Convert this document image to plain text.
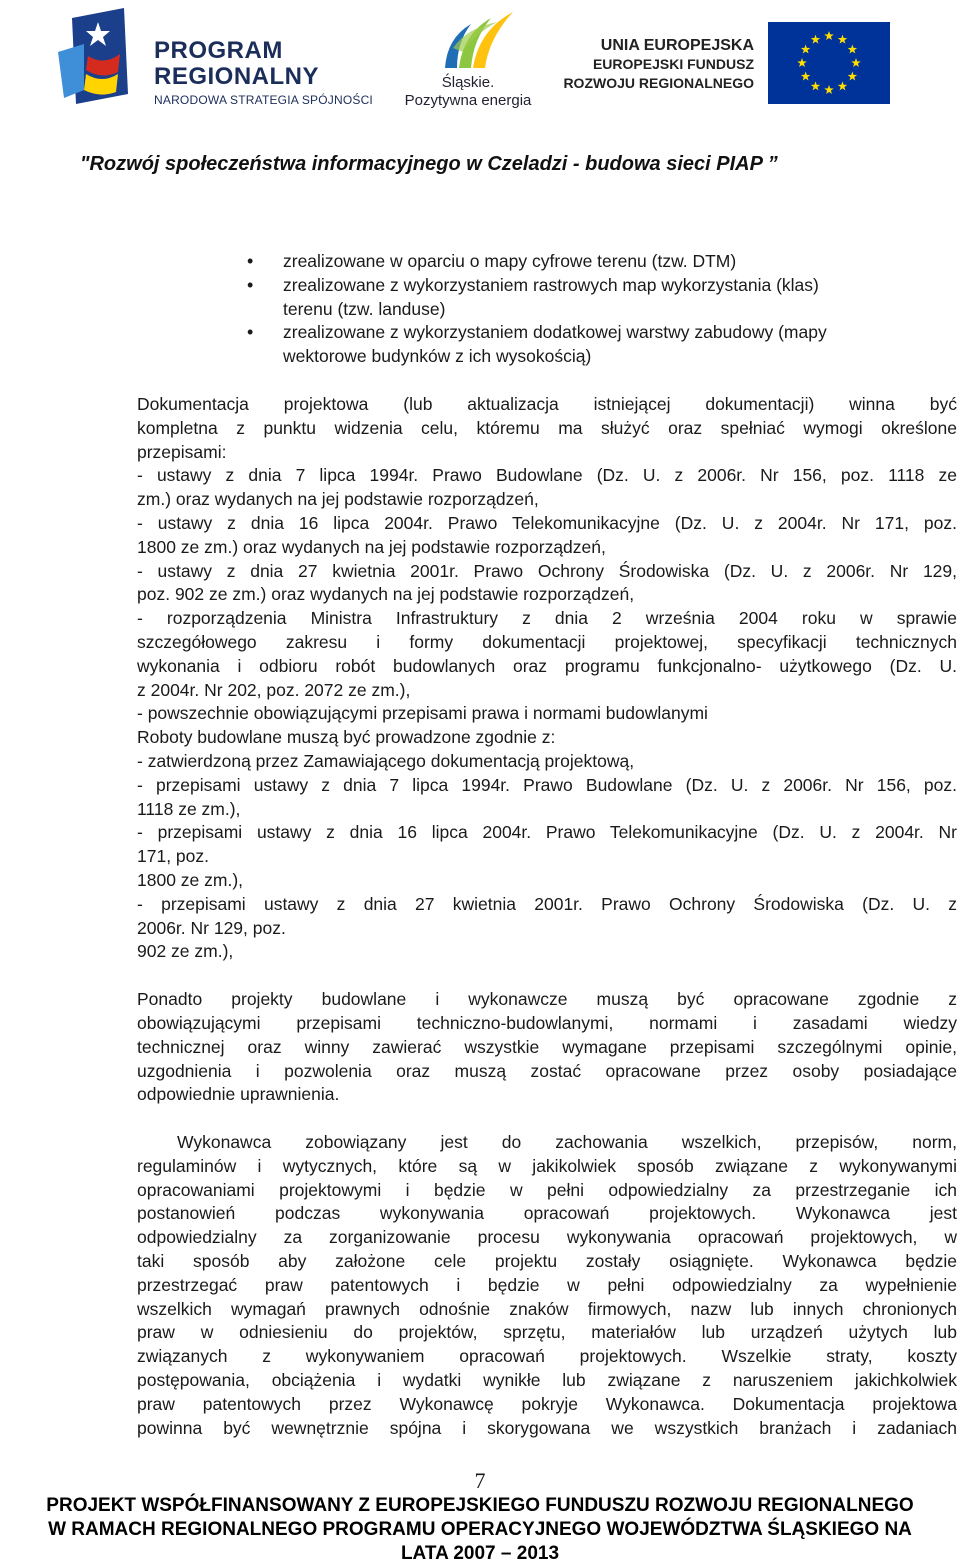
PROGRAM
REGIONALNY
NARODOWA STRATEGIA SPÓJNOŚCI
Śląskie.
Pozytywna energia
UNIA EUROPEJSKA
EUROPEJSKI FUNDUSZ
ROZWOJU REGIONALNEGO
"Rozwój społeczeństwa informacyjnego w Czeladzi - budowa sieci PIAP ”
• zrealizowane w oparciu o mapy cyfrowe terenu (tzw. DTM)
• zrealizowane z wykorzystaniem rastrowych map wykorzystania (klas)
terenu (tzw. landuse)
• zrealizowane z wykorzystaniem dodatkowej warstwy zabudowy (mapy
wektorowe budynków z ich wysokością)
Dokumentacja projektowa (lub aktualizacja istniejącej dokumentacji) winna być
kompletna z punktu widzenia celu, któremu ma służyć oraz spełniać wymogi określone
przepisami:
- ustawy z dnia 7 lipca 1994r. Prawo Budowlane (Dz. U. z 2006r. Nr 156, poz. 1118 ze
zm.) oraz wydanych na jej podstawie rozporządzeń,
- ustawy z dnia 16 lipca 2004r. Prawo Telekomunikacyjne (Dz. U. z 2004r. Nr 171, poz.
1800 ze zm.) oraz wydanych na jej podstawie rozporządzeń,
- ustawy z dnia 27 kwietnia 2001r. Prawo Ochrony Środowiska (Dz. U. z 2006r. Nr 129,
poz. 902 ze zm.) oraz wydanych na jej podstawie rozporządzeń,
- rozporządzenia Ministra Infrastruktury z dnia 2 września 2004 roku w sprawie
szczegółowego zakresu i formy dokumentacji projektowej, specyfikacji technicznych
wykonania i odbioru robót budowlanych oraz programu funkcjonalno- użytkowego (Dz. U.
z 2004r. Nr 202, poz. 2072 ze zm.),
- powszechnie obowiązującymi przepisami prawa i normami budowlanymi
Roboty budowlane muszą być prowadzone zgodnie z:
- zatwierdzoną przez Zamawiającego dokumentacją projektową,
- przepisami ustawy z dnia 7 lipca 1994r. Prawo Budowlane (Dz. U. z 2006r. Nr 156, poz.
1118 ze zm.),
- przepisami ustawy z dnia 16 lipca 2004r. Prawo Telekomunikacyjne (Dz. U. z 2004r. Nr
171, poz.
1800 ze zm.),
- przepisami ustawy z dnia 27 kwietnia 2001r. Prawo Ochrony Środowiska (Dz. U. z
2006r. Nr 129, poz.
902 ze zm.),
Ponadto projekty budowlane i wykonawcze muszą być opracowane zgodnie z
obowiązującymi przepisami techniczno-budowlanymi, normami i zasadami wiedzy
technicznej oraz winny zawierać wszystkie wymagane przepisami szczególnymi opinie,
uzgodnienia i pozwolenia oraz muszą zostać opracowane przez osoby posiadające
odpowiednie uprawnienia.
Wykonawca zobowiązany jest do zachowania wszelkich, przepisów, norm,
regulaminów i wytycznych, które są w jakikolwiek sposób związane z wykonywanymi
opracowaniami projektowymi i będzie w pełni odpowiedzialny za przestrzeganie ich
postanowień podczas wykonywania opracowań projektowych. Wykonawca jest
odpowiedzialny za zorganizowanie procesu wykonywania opracowań projektowych, w
taki sposób aby założone cele projektu zostały osiągnięte. Wykonawca będzie
przestrzegać praw patentowych i będzie w pełni odpowiedzialny za wypełnienie
wszelkich wymagań prawnych odnośnie znaków firmowych, nazw lub innych chronionych
praw w odniesieniu do projektów, sprzętu, materiałów lub urządzeń użytych lub
związanych z wykonywaniem opracowań projektowych. Wszelkie straty, koszty
postępowania, obciążenia i wydatki wynikłe lub związane z naruszeniem jakichkolwiek
praw patentowych przez Wykonawcę pokryje Wykonawca. Dokumentacja projektowa
powinna być wewnętrznie spójna i skorygowana we wszystkich branżach i zadaniach
7
PROJEKT WSPÓŁFINANSOWANY Z EUROPEJSKIEGO FUNDUSZU ROZWOJU REGIONALNEGO
W RAMACH REGIONALNEGO PROGRAMU OPERACYJNEGO WOJEWÓDZTWA ŚLĄSKIEGO NA
LATA 2007 – 2013
